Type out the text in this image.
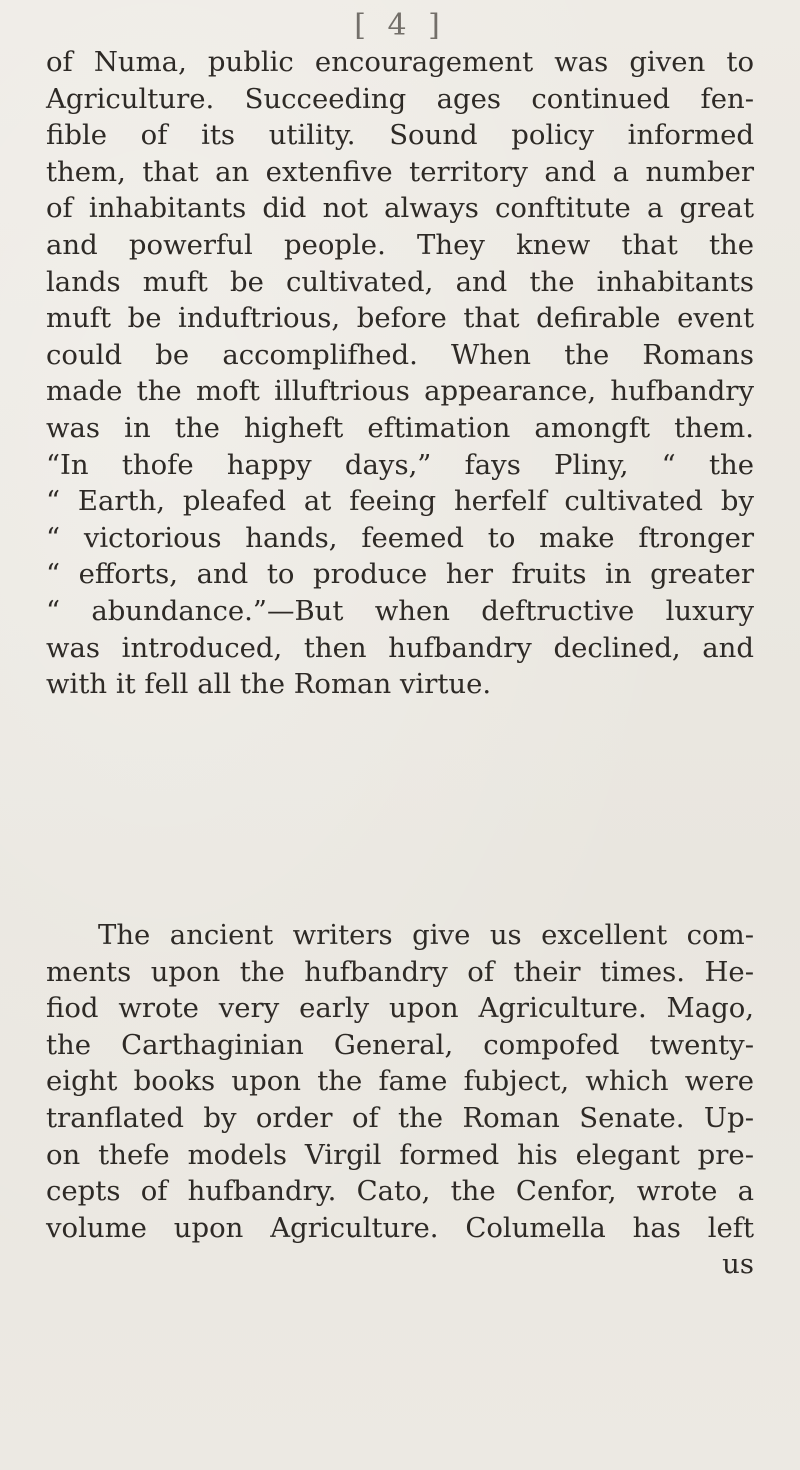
[ 4 ]
of Numa, public encouragement was given to
Agriculture. Succeeding ages continued fen-
fible of its utility. Sound policy informed
them, that an extenfive territory and a number
of inhabitants did not always conftitute a great
and powerful people. They knew that the
lands muft be cultivated, and the inhabitants
muft be induftrious, before that defirable event
could be accomplifhed. When the Romans
made the moft illuftrious appearance, hufbandry
was in the higheft eftimation amongft them.
“In thofe happy days,” fays Pliny, “ the
“ Earth, pleafed at feeing herfelf cultivated by
“ victorious hands, feemed to make ftronger
“ efforts, and to produce her fruits in greater
“ abundance.”—But when deftructive luxury
was introduced, then hufbandry declined, and
with it fell all the Roman virtue.
The ancient writers give us excellent com-
ments upon the hufbandry of their times. He-
fiod wrote very early upon Agriculture. Mago,
the Carthaginian General, compofed twenty-
eight books upon the fame fubject, which were
tranflated by order of the Roman Senate. Up-
on thefe models Virgil formed his elegant pre-
cepts of hufbandry. Cato, the Cenfor, wrote a
volume upon Agriculture. Columella has left
us
